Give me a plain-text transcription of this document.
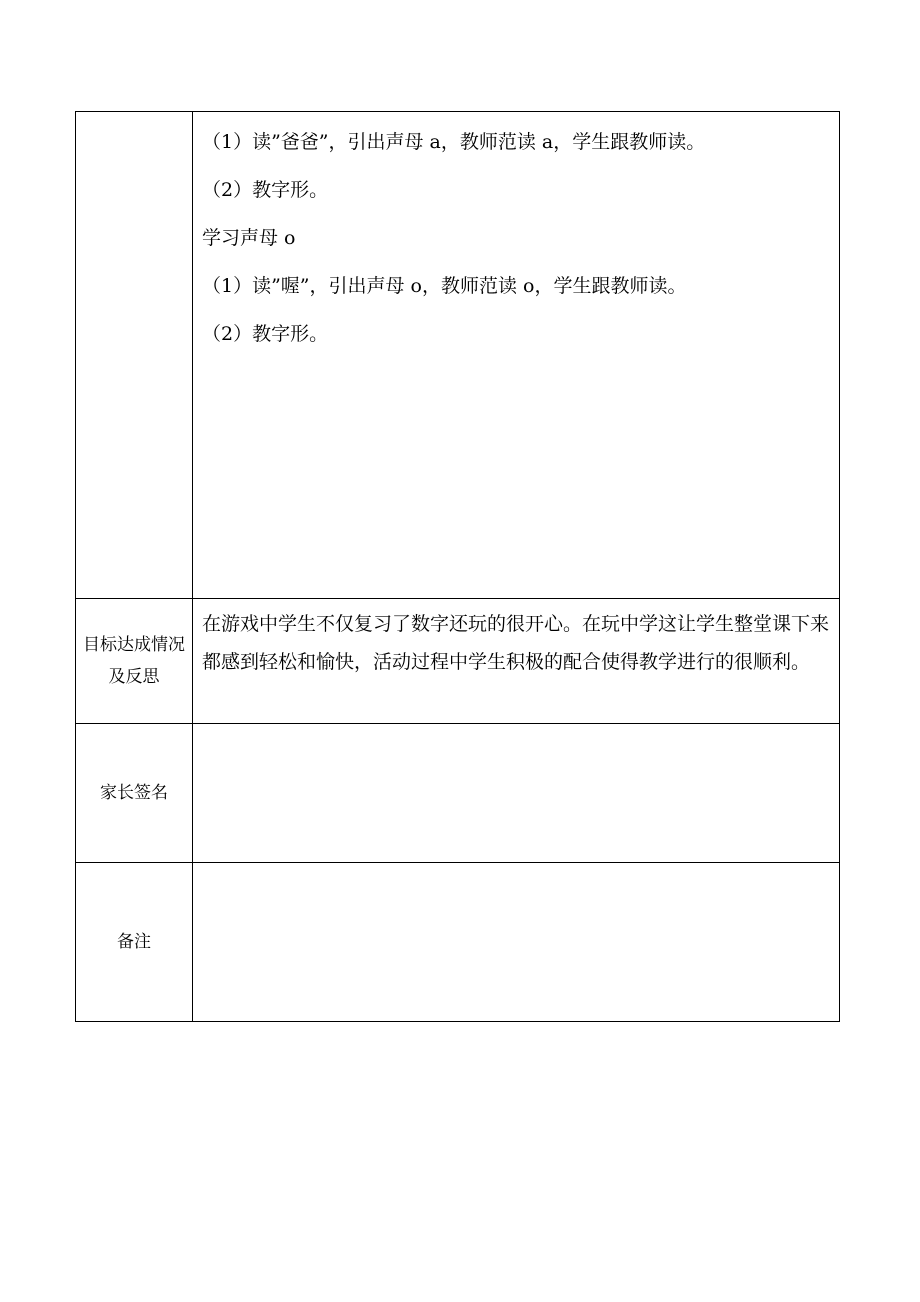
	（1）读”爸爸”，引出声母 a，教师范读 a，学生跟教师读。
（2）教字形。
学习声母 o
（1）读”喔”，引出声母 o，教师范读 o，学生跟教师读。
（2）教字形。

目标达成情况及反思	在游戏中学生不仅复习了数字还玩的很开心。在玩中学这让学生整堂课下来都感到轻松和愉快，活动过程中学生积极的配合使得教学进行的很顺利。

家长签名	
备注	
